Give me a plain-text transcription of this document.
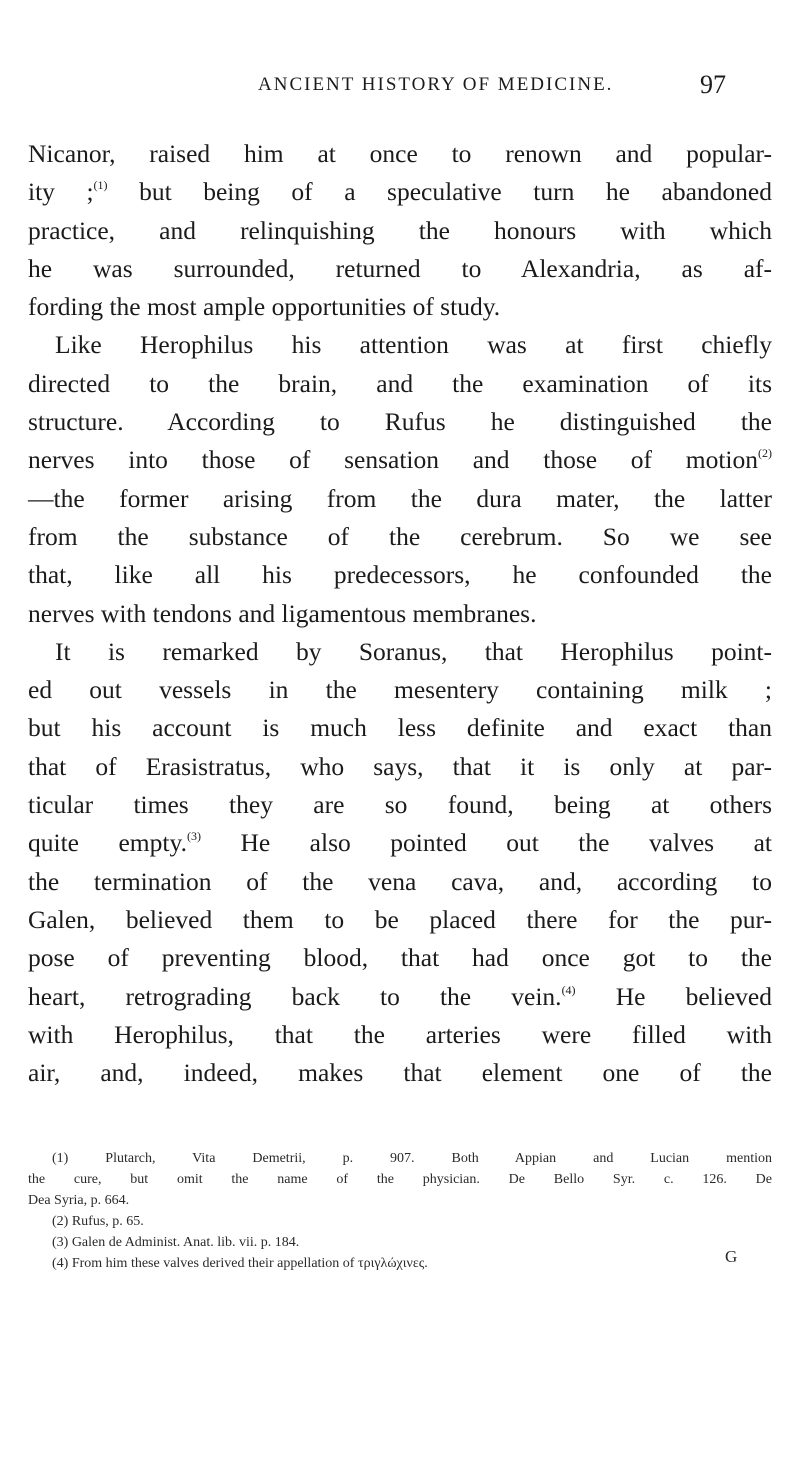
ANCIENT HISTORY OF MEDICINE.	97
Nicanor, raised him at once to renown and popular-
ity ;$^{(1)}$ but being of a speculative turn he abandoned
practice, and relinquishing the honours with which
he was surrounded, returned to Alexandria, as af-
fording the most ample opportunities of study.
Like Herophilus his attention was at first chiefly
directed to the brain, and the examination of its
structure. According to Rufus he distinguished the
nerves into those of sensation and those of motion$^{(2)}$
—the former arising from the dura mater, the latter
from the substance of the cerebrum. So we see
that, like all his predecessors, he confounded the
nerves with tendons and ligamentous membranes.
It is remarked by Soranus, that Herophilus point-
ed out vessels in the mesentery containing milk ;
but his account is much less definite and exact than
that of Erasistratus, who says, that it is only at par-
ticular times they are so found, being at others
quite empty.$^{(3)}$ He also pointed out the valves at
the termination of the vena cava, and, according to
Galen, believed them to be placed there for the pur-
pose of preventing blood, that had once got to the
heart, retrograding back to the vein.$^{(4)}$ He believed
with Herophilus, that the arteries were filled with
air, and, indeed, makes that element one of the
(1) Plutarch, Vita Demetrii, p. 907. Both Appian and Lucian mention
the cure, but omit the name of the physician. De Bello Syr. c. 126. De
Dea Syria, p. 664.
(2) Rufus, p. 65.
(3) Galen de Administ. Anat. lib. vii. p. 184.
(4) From him these valves derived their appellation of τριγλώχινες.	G
